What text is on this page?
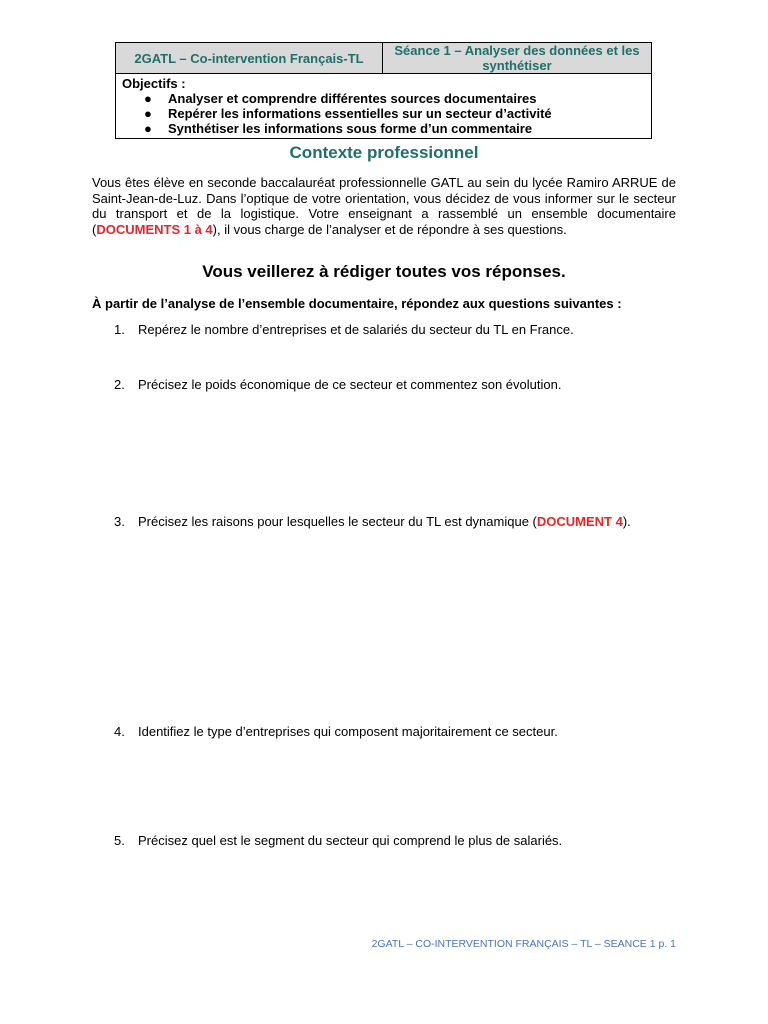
2GATL – Co-intervention Français-TL	Séance 1 – Analyser des données et les synthétiser

Objectifs :
● Analyser et comprendre différentes sources documentaires
● Repérer les informations essentielles sur un secteur d’activité
● Synthétiser les informations sous forme d’un commentaire
Contexte professionnel
Vous êtes élève en seconde baccalauréat professionnelle GATL au sein du lycée Ramiro ARRUE de Saint-Jean-de-Luz. Dans l’optique de votre orientation, vous décidez de vous informer sur le secteur du transport et de la logistique. Votre enseignant a rassemblé un ensemble documentaire (DOCUMENTS 1 à 4), il vous charge de l’analyser et de répondre à ses questions.
Vous veillerez à rédiger toutes vos réponses.
À partir de l’analyse de l’ensemble documentaire, répondez aux questions suivantes :
1.	Repérez le nombre d’entreprises et de salariés du secteur du TL en France.
2.	Précisez le poids économique de ce secteur et commentez son évolution.
3.	Précisez les raisons pour lesquelles le secteur du TL est dynamique (DOCUMENT 4).
4.	Identifiez le type d’entreprises qui composent majoritairement ce secteur.
5.	Précisez quel est le segment du secteur qui comprend le plus de salariés.
2GATL – CO-INTERVENTION FRANÇAIS – TL – SEANCE 1 p. 1
